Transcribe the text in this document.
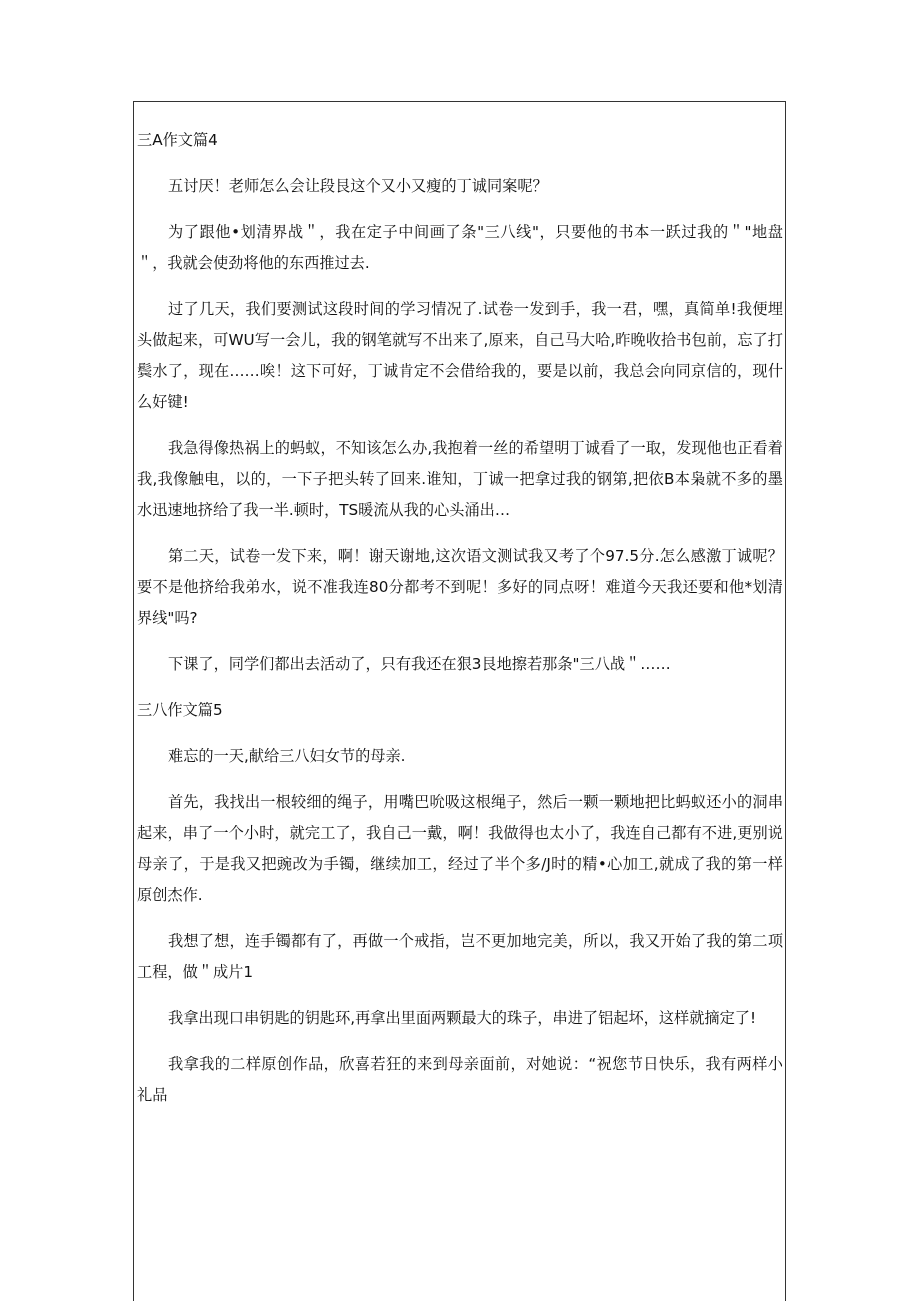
三A作文篇4

五讨厌！老师怎么会让段艮这个又小又瘦的丁诚同案呢？

为了跟他•划清界战＂，我在定子中间画了条"三八线"，只要他的书本一跃过我的＂"地盘＂，我就会使劲将他的东西推过去.

过了几天，我们要测试这段时间的学习情况了.试卷一发到手，我一君，嘿，真简单!我便埋头做起来，可WU写一会儿，我的钢笔就写不出来了,原来，自己马大哈,昨晚收拾书包前，忘了打鬓水了，现在……唉！这下可好，丁诚肯定不会借给我的，要是以前，我总会向同京信的，现什么好键!

我急得像热祸上的蚂蚁，不知该怎么办,我抱着一丝的希望明丁诚看了一取，发现他也正看着我,我像触电，以的，一下子把头转了回来.谁知，丁诚一把拿过我的钢第,把依B本枭就不多的墨水迅速地挤给了我一半.顿时，TS暖流从我的心头涌出…

第二天，试卷一发下来，啊！谢天谢地,这次语文测试我又考了个97.5分.怎么感激丁诚呢？要不是他挤给我弟水，说不准我连80分都考不到呢！多好的同点呀！难道今天我还要和他*划清界线"吗?

下课了，同学们都出去活动了，只有我还在狠3艮地擦若那条"三八战＂……

三八作文篇5

难忘的一天,献给三八妇女节的母亲.

首先，我找出一根较细的绳子，用嘴巴吮吸这根绳子，然后一颗一颗地把比蚂蚁还小的洞串起来，串了一个小时，就完工了，我自己一戴，啊！我做得也太小了，我连自己都有不进,更别说母亲了，于是我又把豌改为手镯，继续加工，经过了半个多/J时的精•心加工,就成了我的第一样原创杰作.

我想了想，连手镯都有了，再做一个戒指，岂不更加地完美，所以，我又开始了我的第二项工程，做＂成片1

我拿出现口串钥匙的钥匙环,再拿出里面两颗最大的珠子，串进了铝起坏，这样就摘定了!

我拿我的二样原创作品，欣喜若狂的来到母亲面前，对她说：“祝您节日快乐，我有两样小礼品
